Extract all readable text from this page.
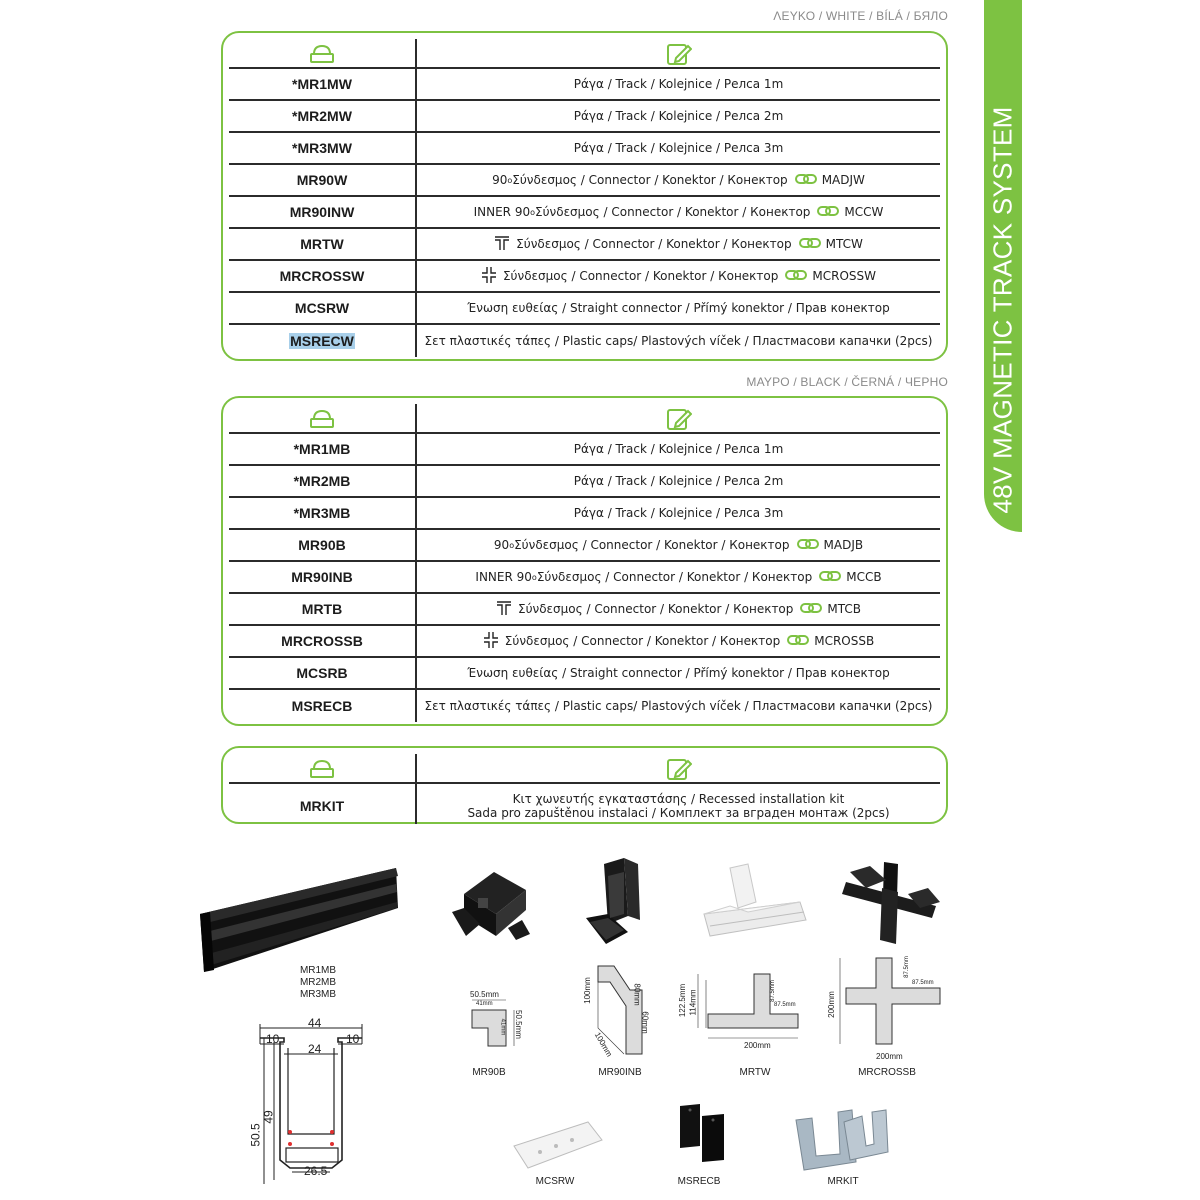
48V MAGNETIC TRACK SYSTEM
ΛΕΥΚΟ / WHITE / BÍLÁ / БЯЛО
*MR1MW	Ράγα / Track / Kolejnice / Релса 1m
*MR2MW	Ράγα / Track / Kolejnice / Релса 2m
*MR3MW	Ράγα / Track / Kolejnice / Релса 3m
MR90W	90 o Σύνδεσμος / Connector / Konektor / Конектор	MADJW
MR90INW	INNER 90 o Σύνδεσμος / Connector / Konektor / Конектор	MCCW
MRTW	Σύνδεσμος / Connector / Konektor / Конектор	MTCW
MRCROSSW	Σύνδεσμος / Connector / Konektor / Конектор	MCROSSW
MCSRW	Ένωση ευθείας / Straight connector / Přímý konektor / Прав конектор
MSRECW	Σετ πλαστικές τάπες / Plastic caps/ Plastových víček / Пластмасови капачки (2pcs)
ΜΑΥΡΟ / BLACK / ČERNÁ / ЧЕРНО
*MR1MB	Ράγα / Track / Kolejnice / Релса 1m
*MR2MB	Ράγα / Track / Kolejnice / Релса 2m
*MR3MB	Ράγα / Track / Kolejnice / Релса 3m
MR90B	90 o Σύνδεσμος / Connector / Konektor / Конектор	MADJB
MR90INB	INNER 90 o Σύνδεσμος / Connector / Konektor / Конектор	MCCB
MRTB	Σύνδεσμος / Connector / Konektor / Конектор	MTCB
MRCROSSB	Σύνδεσμος / Connector / Konektor / Конектор	MCROSSB
MCSRB	Ένωση ευθείας / Straight connector / Přímý konektor / Прав конектор
MSRECB	Σετ πλαστικές τάπες / Plastic caps/ Plastových víček / Пластмасови капачки (2pcs)
MRKIT	Κιτ χωνευτής εγκαταστάσης / Recessed installation kit
Sada pro zapuštěnou instalaci / Комплект за вграден монтаж (2pcs)
MR1MB
MR2MB
MR3MB
44
10	10
24
50.5
49
26.5
50.5mm
41mm
50.5mm
41mm
MR90B
100mm	80mm
60mm
100mm
MR90INB
122.5mm 114mm	87.5mm
87.5mm
200mm
MRTW
200mm
87.5mm
87.5mm
200mm
MRCROSSB
MCSRW	MSRECB	MRKIT
